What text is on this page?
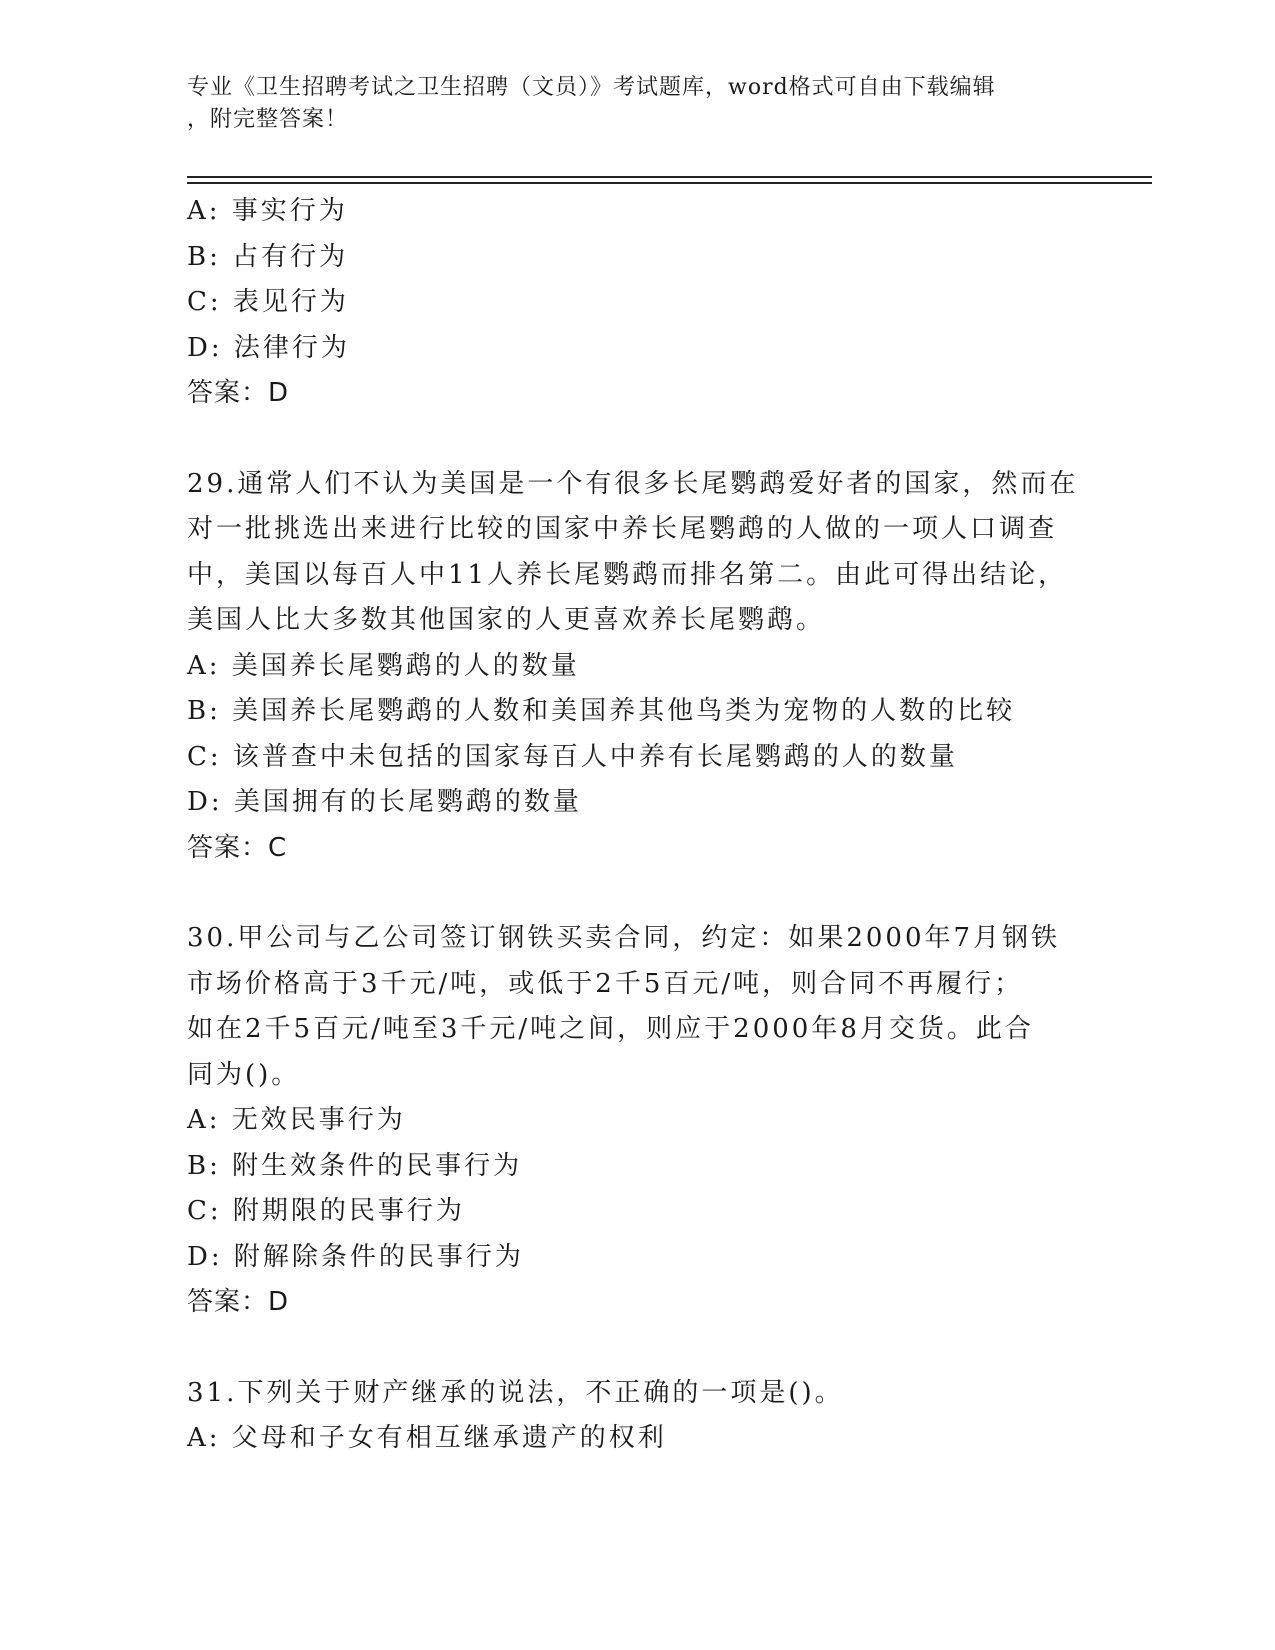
专业《卫生招聘考试之卫生招聘（文员）》考试题库，word格式可自由下载编辑
，附完整答案！
A: 事实行为
B: 占有行为
C: 表见行为
D: 法律行为
答案：D
29.通常人们不认为美国是一个有很多长尾鹦鹉爱好者的国家，然而在
对一批挑选出来进行比较的国家中养长尾鹦鹉的人做的一项人口调查
中，美国以每百人中11人养长尾鹦鹉而排名第二。由此可得出结论，
美国人比大多数其他国家的人更喜欢养长尾鹦鹉。
A: 美国养长尾鹦鹉的人的数量
B: 美国养长尾鹦鹉的人数和美国养其他鸟类为宠物的人数的比较
C: 该普查中未包括的国家每百人中养有长尾鹦鹉的人的数量
D: 美国拥有的长尾鹦鹉的数量
答案：C
30.甲公司与乙公司签订钢铁买卖合同，约定：如果2000年7月钢铁
市场价格高于3千元/吨，或低于2千5百元/吨，则合同不再履行；
如在2千5百元/吨至3千元/吨之间，则应于2000年8月交货。此合
同为()。
A: 无效民事行为
B: 附生效条件的民事行为
C: 附期限的民事行为
D: 附解除条件的民事行为
答案：D
31.下列关于财产继承的说法，不正确的一项是()。
A: 父母和子女有相互继承遗产的权利
